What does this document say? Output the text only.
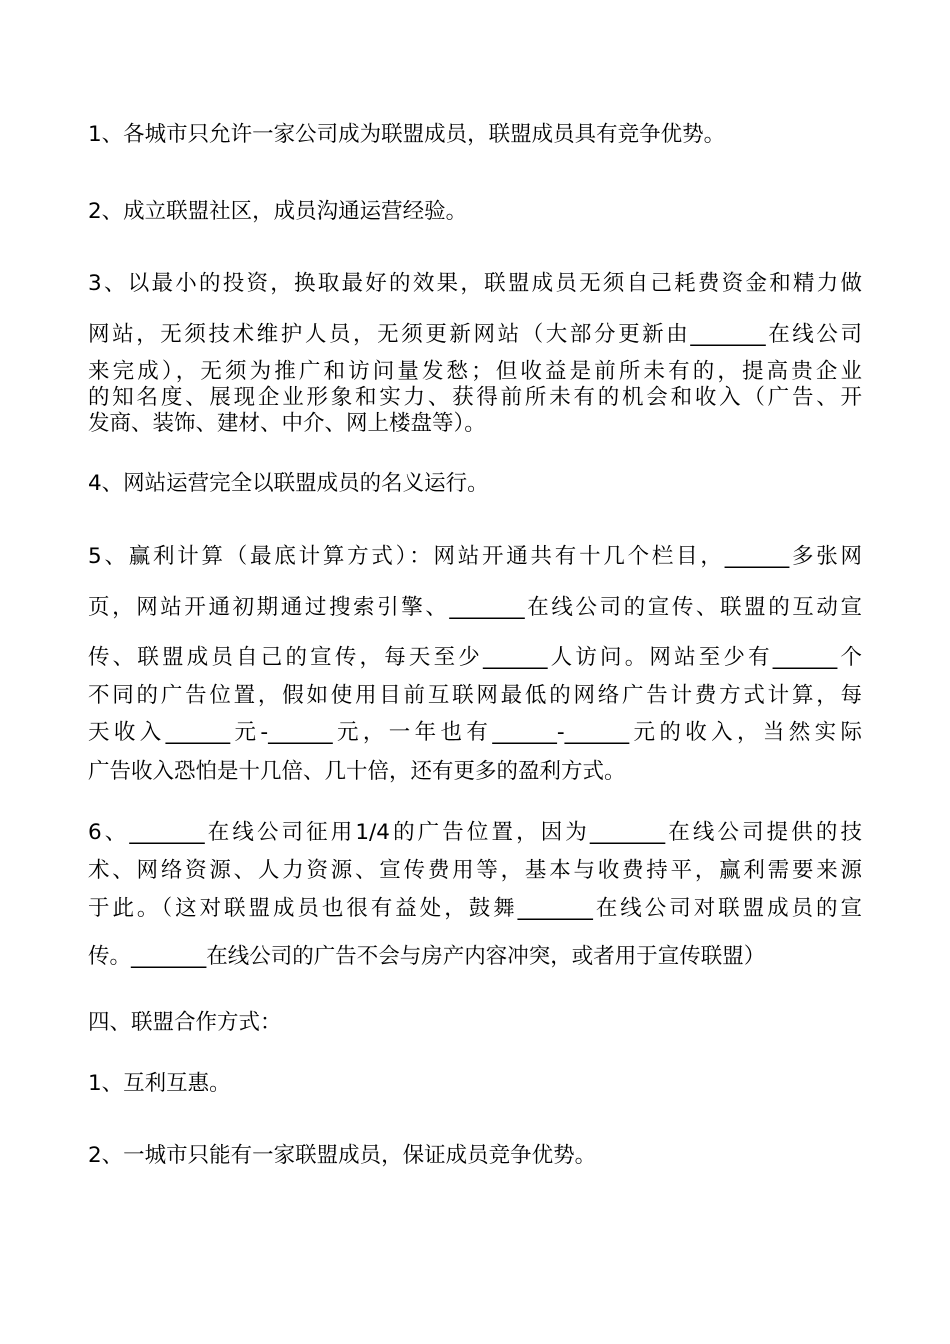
1、各城市只允许一家公司成为联盟成员，联盟成员具有竞争优势。

2、成立联盟社区，成员沟通运营经验。

3、以最小的投资，换取最好的效果，联盟成员无须自己耗费资金和精力做

网站，无须技术维护人员，无须更新网站（大部分更新由_______在线公司

来完成），无须为推广和访问量发愁；但收益是前所未有的，提高贵企业

的知名度、展现企业形象和实力、获得前所未有的机会和收入（广告、开

发商、装饰、建材、中介、网上楼盘等）。

4、网站运营完全以联盟成员的名义运行。

5、赢利计算（最底计算方式）：网站开通共有十几个栏目，______多张网

页，网站开通初期通过搜索引擎、_______在线公司的宣传、联盟的互动宣

传、联盟成员自己的宣传，每天至少______人访问。网站至少有______个

不同的广告位置，假如使用目前互联网最低的网络广告计费方式计算，每

天收入______元-______元，一年也有______-______元的收入，当然实际

广告收入恐怕是十几倍、几十倍，还有更多的盈利方式。

6、_______在线公司征用1/4的广告位置，因为_______在线公司提供的技

术、网络资源、人力资源、宣传费用等，基本与收费持平，赢利需要来源

于此。（这对联盟成员也很有益处，鼓舞_______在线公司对联盟成员的宣

传。_______在线公司的广告不会与房产内容冲突，或者用于宣传联盟）

四、联盟合作方式：

1、互利互惠。

2、一城市只能有一家联盟成员，保证成员竞争优势。
